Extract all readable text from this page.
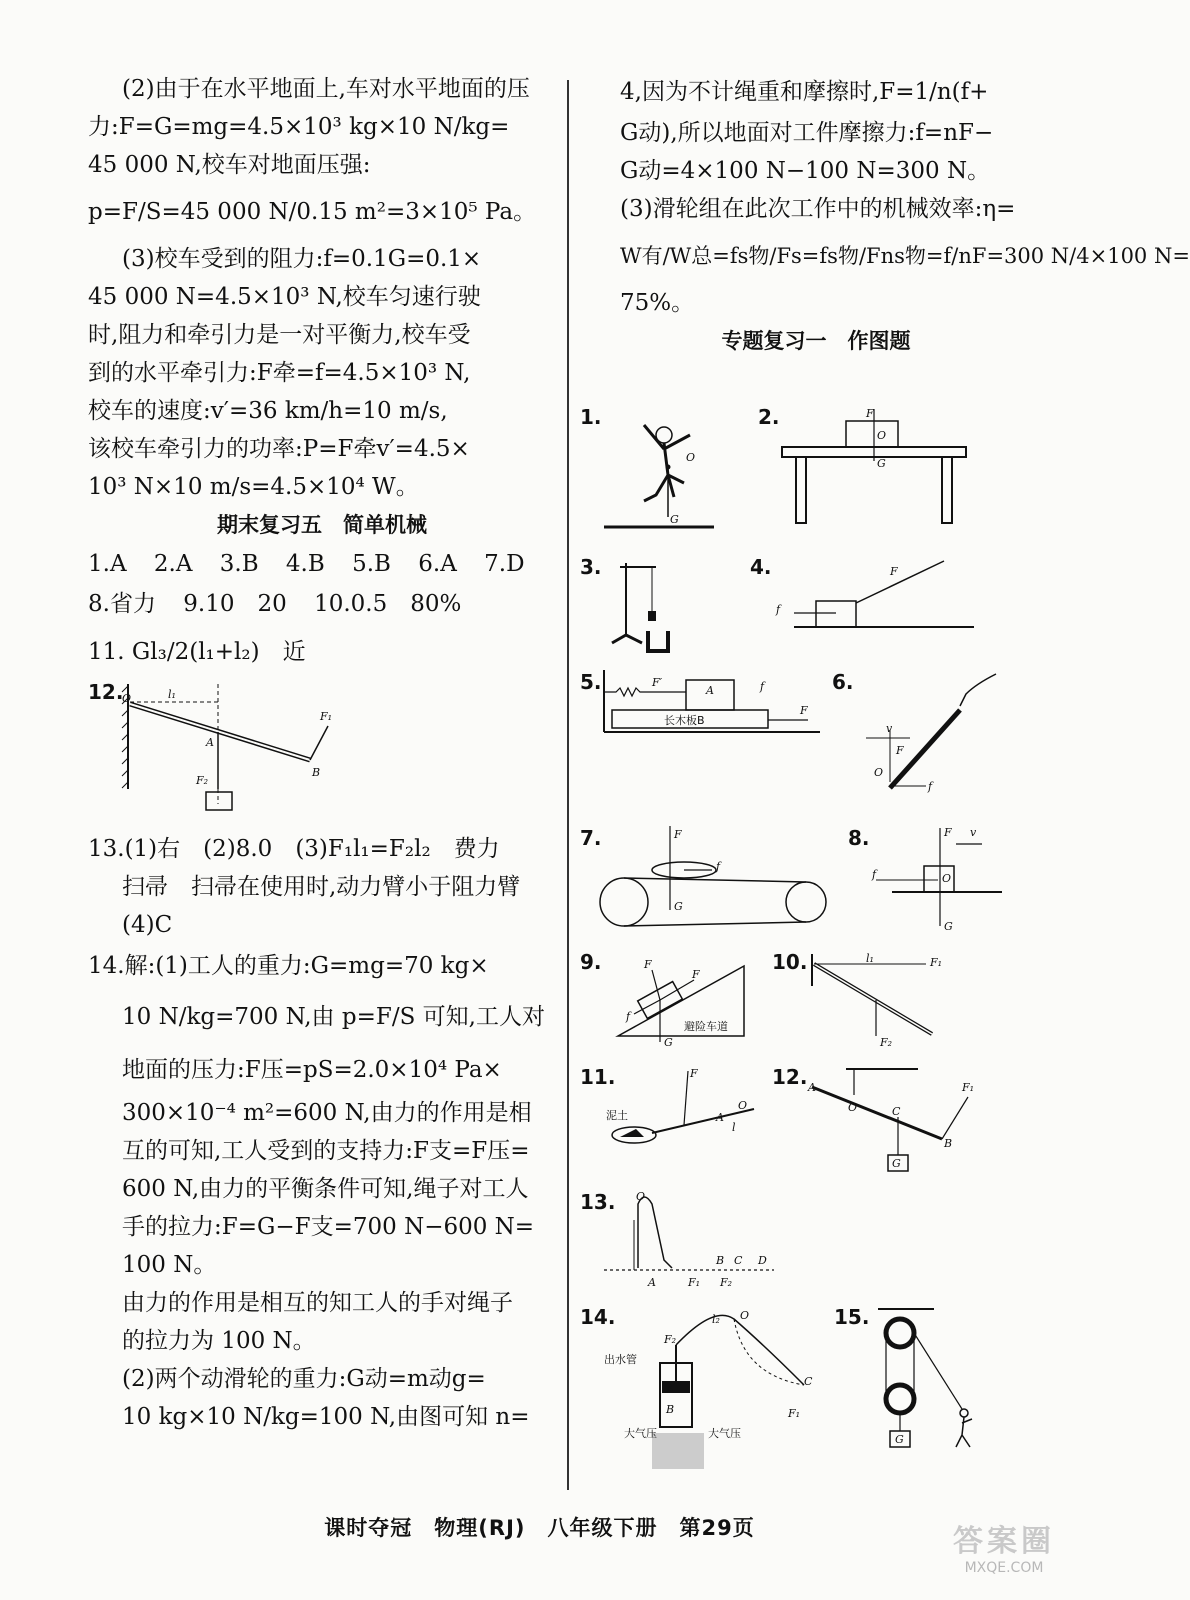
(2)由于在水平地面上,车对水平地面的压
力:F=G=mg=4.5×10³ kg×10 N/kg=
45 000 N,校车对地面压强:
p=F/S=45 000 N/0.15 m²=3×10⁵ Pa。
(3)校车受到的阻力:f=0.1G=0.1×
45 000 N=4.5×10³ N,校车匀速行驶
时,阻力和牵引力是一对平衡力,校车受
到的水平牵引力:F牵=f=4.5×10³ N,
校车的速度:v′=36 km/h=10 m/s,
该校车牵引力的功率:P=F牵v′=4.5×
10³ N×10 m/s=4.5×10⁴ W。
期末复习五　简单机械
1.A 2.A 3.B 4.B 5.B 6.A 7.D
8.省力 9.10　20 10.0.5　80%
11. Gl₃/2(l₁+l₂)　近
12.
O	l₁
A
B
F₁
F₂
13.(1)右　(2)8.0　(3)F₁l₁=F₂l₂　费力
扫帚　扫帚在使用时,动力臂小于阻力臂
(4)C
14.解:(1)工人的重力:G=mg=70 kg×
10 N/kg=700 N,由 p=F/S 可知,工人对
地面的压力:F压=pS=2.0×10⁴ Pa×
300×10⁻⁴ m²=600 N,由力的作用是相
互的可知,工人受到的支持力:F支=F压=
600 N,由力的平衡条件可知,绳子对工人
手的拉力:F=G−F支=700 N−600 N=
100 N。
由力的作用是相互的知工人的手对绳子
的拉力为 100 N。
(2)两个动滑轮的重力:G动=m动g=
10 kg×10 N/kg=100 N,由图可知 n=
4,因为不计绳重和摩擦时,F=1/n(f+
G动),所以地面对工件摩擦力:f=nF−
G动=4×100 N−100 N=300 N。
(3)滑轮组在此次工作中的机械效率:η=
W有/W总=fs物/Fs=fs物/Fns物=f/nF=300 N/4×100 N=
75%。
专题复习一　作图题
1.
G
O
2.	F
O
G
3.	4.	F
f
5.	A
长木板B
F
f
F′	6.
v
F
O
f
7.	F
f
G
8.	F v
O
f
G
9.
避险车道
G
f
F
F
10.	l₁	F₁
F₂
11.
泥土
F
A
O
l
12. A
O	C
B
F₁
G
13. O
A
B C D
F₁ F₂
14.
出水管
大气压	大气压
A
B
O
C
F₁
F₂
l₂	15.
G
课时夺冠　物理(RJ)　八年级下册　第29页	答案圈
MXQE.COM
